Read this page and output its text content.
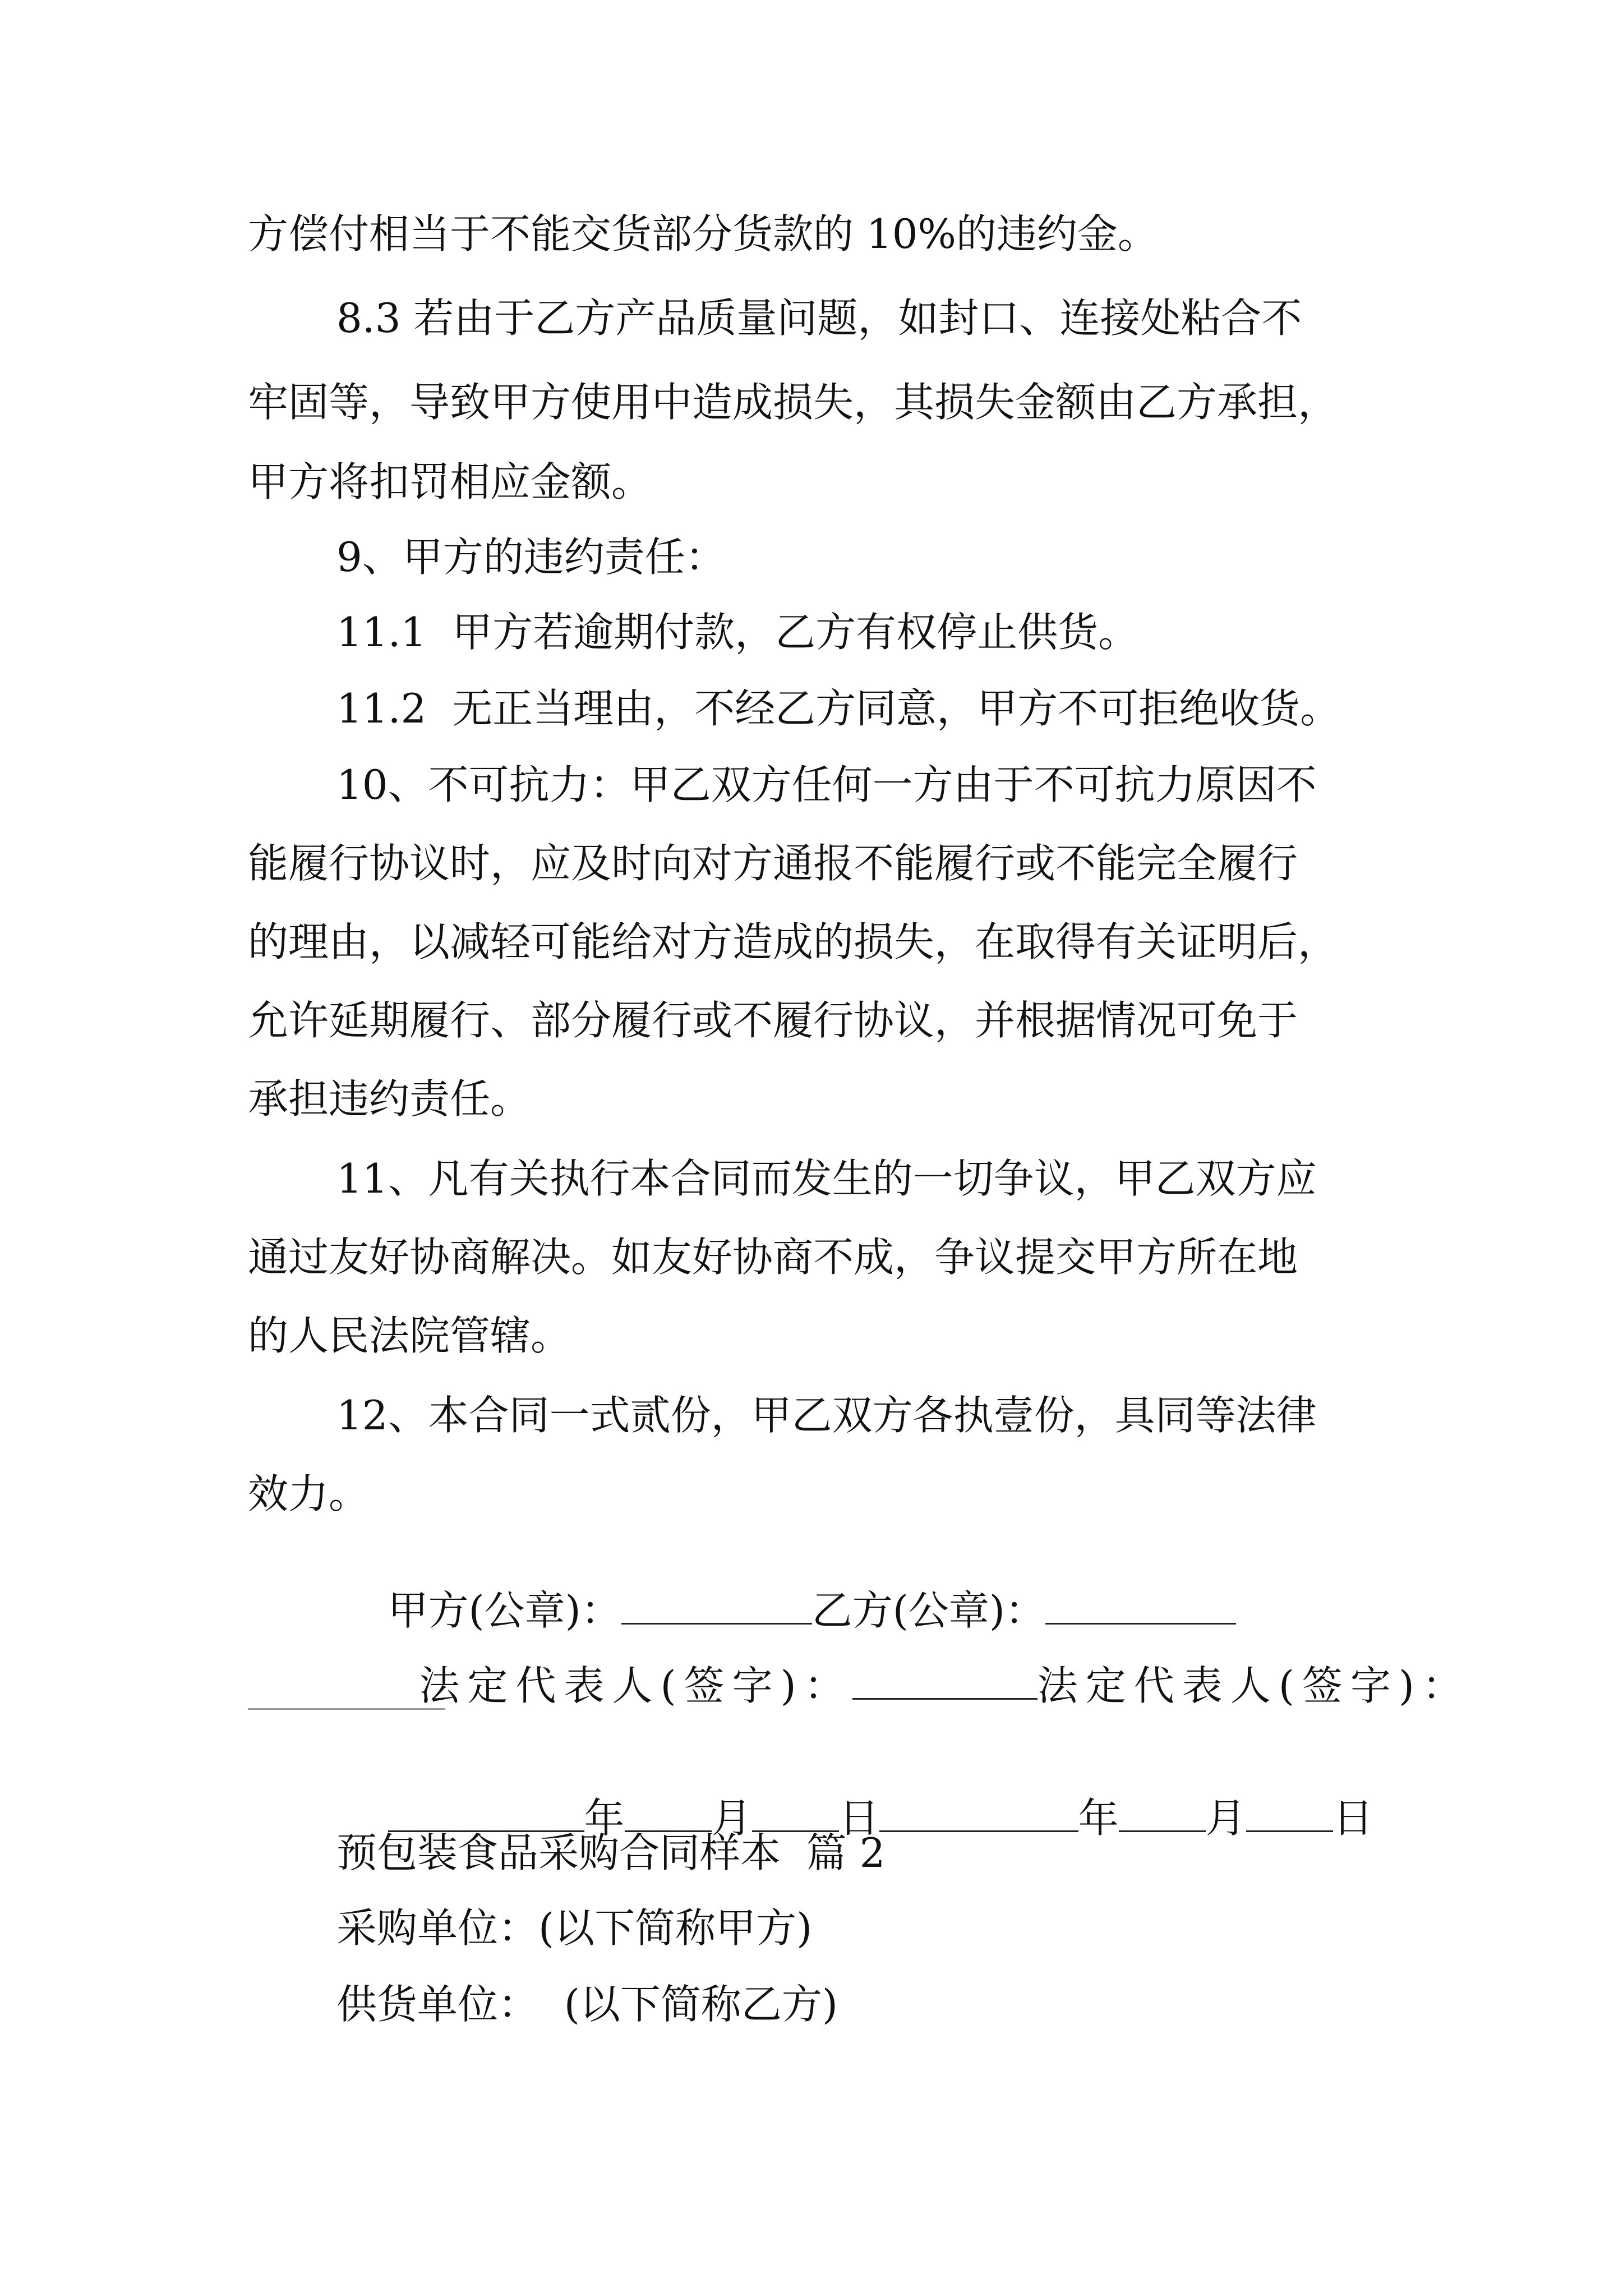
方偿付相当于不能交货部分货款的 10%的违约金。
8.3 若由于乙方产品质量问题，如封口、连接处粘合不
牢固等，导致甲方使用中造成损失，其损失金额由乙方承担，
甲方将扣罚相应金额。
9、甲方的违约责任：
11.1  甲方若逾期付款，乙方有权停止供货。
11.2  无正当理由，不经乙方同意，甲方不可拒绝收货。
10、不可抗力：甲乙双方任何一方由于不可抗力原因不
能履行协议时，应及时向对方通报不能履行或不能完全履行
的理由，以减轻可能给对方造成的损失，在取得有关证明后，
允许延期履行、部分履行或不履行协议，并根据情况可免于
承担违约责任。
11、凡有关执行本合同而发生的一切争议，甲乙双方应
通过友好协商解决。如友好协商不成，争议提交甲方所在地
的人民法院管辖。
12、本合同一式贰份，甲乙双方各执壹份，具同等法律
效力。

甲方(公章)：	乙方(公章)：

法定代表人(签字)：	法定代表人(签字)：

年 月 日	年 月 日

预包装食品采购合同样本  篇 2
采购单位：(以下简称甲方)
供货单位：  (以下简称乙方)
